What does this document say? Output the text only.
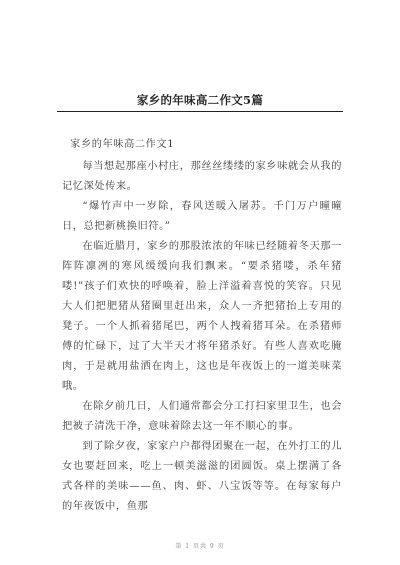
家乡的年味高二作文5篇

家乡的年味高二作文1

每当想起那座小村庄，那丝丝缕缕的家乡味就会从我的记忆深处传来。

“爆竹声中一岁除，春风送暖入屠苏。千门万户曈曈日，总把新桃换旧符。”

在临近腊月，家乡的那股浓浓的年味已经随着冬天那一阵阵凛冽的寒风缓缓向我们飘来。“要杀猪喽，杀年猪喽!”孩子们欢快的呼唤着，脸上洋溢着喜悦的笑容。只见大人们把肥猪从猪圈里赶出来，众人一齐把猪抬上专用的凳子。一个人抓着猪尾巴，两个人拽着猪耳朵。在杀猪师傅的忙碌下，过了大半天才将年猪杀好。有些人喜欢吃腌肉，于是就用盐洒在肉上，这也是年夜饭上的一道美味菜哦。

在除夕前几日，人们通常都会分工打扫家里卫生，也会把被子清洗干净，意味着除去这一年不顺心的事。

到了除夕夜，家家户户都得团聚在一起，在外打工的儿女也要赶回来，吃上一顿美滋滋的团圆饭。桌上摆满了各式各样的美味——鱼、肉、虾、八宝饭等等。在每家每户的年夜饭中，鱼那

第 1 页共 9 页
